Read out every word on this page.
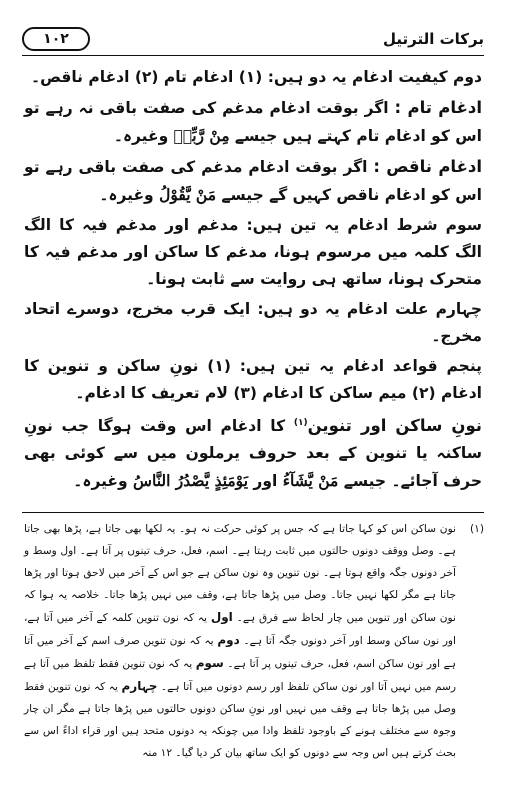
برکات الترتیل
۱۰۲

دوم کیفیت ادغام یہ دو ہیں: (۱) ادغام تام (۲) ادغام ناقص۔

ادغام تام : اگر بوقت ادغام مدغم کی صفت باقی نہ رہے تو اس کو ادغام تام کہتے ہیں جیسے مِنْ رَّبِّهٖ وغیرہ۔

ادغام ناقص : اگر بوقت ادغام مدغم کی صفت باقی رہے تو اس کو ادغام ناقص کہیں گے جیسے مَنْ يَّقُوْلُ وغیرہ۔

سوم شرط ادغام یہ تین ہیں: مدغم اور مدغم فیہ کا الگ الگ کلمہ میں مرسوم ہونا، مدغم کا ساکن اور مدغم فیہ کا متحرک ہونا، ساتھ ہی روایت سے ثابت ہونا۔

چہارم علت ادغام یہ دو ہیں: ایک قرب مخرج، دوسرے اتحاد مخرج۔

پنجم قواعد ادغام یہ تین ہیں: (۱) نونِ ساکن و تنوین کا ادغام (۲) میم ساکن کا ادغام (۳) لام تعریف کا ادغام۔

نونِ ساکن اور تنوین$^{(۱)}$ کا ادغام اس وقت ہوگا جب نونِ ساکنہ یا تنوین کے بعد حروف یرملون میں سے کوئی بھی حرف آجائے۔ جیسے مَنْ يَّشَآءُ اور يَوْمَئِذٍ يَّصْدُرُ النَّاسُ وغیرہ۔

(۱)
نون ساکن اس کو کہا جاتا ہے کہ جس پر کوئی حرکت نہ ہو۔ یہ لکھا بھی جاتا ہے، پڑھا بھی جاتا ہے۔ وصل ووقف دونوں حالتوں میں ثابت رہتا ہے۔ اسم، فعل، حرف تینوں پر آتا ہے۔ اول وسط و آخر دونوں جگہ واقع ہوتا ہے۔ نون تنوین وہ نون ساکن ہے جو اس کے آخر میں لاحق ہوتا اور پڑھا جاتا ہے مگر لکھا نہیں جاتا۔ وصل میں پڑھا جاتا ہے، وقف میں نہیں پڑھا جاتا۔ خلاصہ یہ ہوا کہ نون ساکن اور تنوین میں چار لحاظ سے فرق ہے۔ اول یہ کہ نون تنوین کلمہ کے آخر میں آتا ہے، اور نون ساکن وسط اور آخر دونوں جگہ آتا ہے۔ دوم یہ کہ نون تنوین صرف اسم کے آخر میں آتا ہے اور نون ساکن اسم، فعل، حرف تینوں پر آتا ہے۔ سوم یہ کہ نون تنوین فقط تلفظ میں آتا ہے رسم میں نہیں آتا اور نون ساکن تلفظ اور رسم دونوں میں آتا ہے۔ چہارم یہ کہ نون تنوین فقط وصل میں پڑھا جاتا ہے وقف میں نہیں اور نونِ ساکن دونوں حالتوں میں پڑھا جاتا ہے مگر ان چار وجوہ سے مختلف ہونے کے باوجود تلفظ وادا میں چونکہ یہ دونوں متحد ہیں اور قراء اداءً اس سے بحث کرتے ہیں اس وجہ سے دونوں کو ایک ساتھ بیان کر دیا گیا۔ ۱۲ منہ
